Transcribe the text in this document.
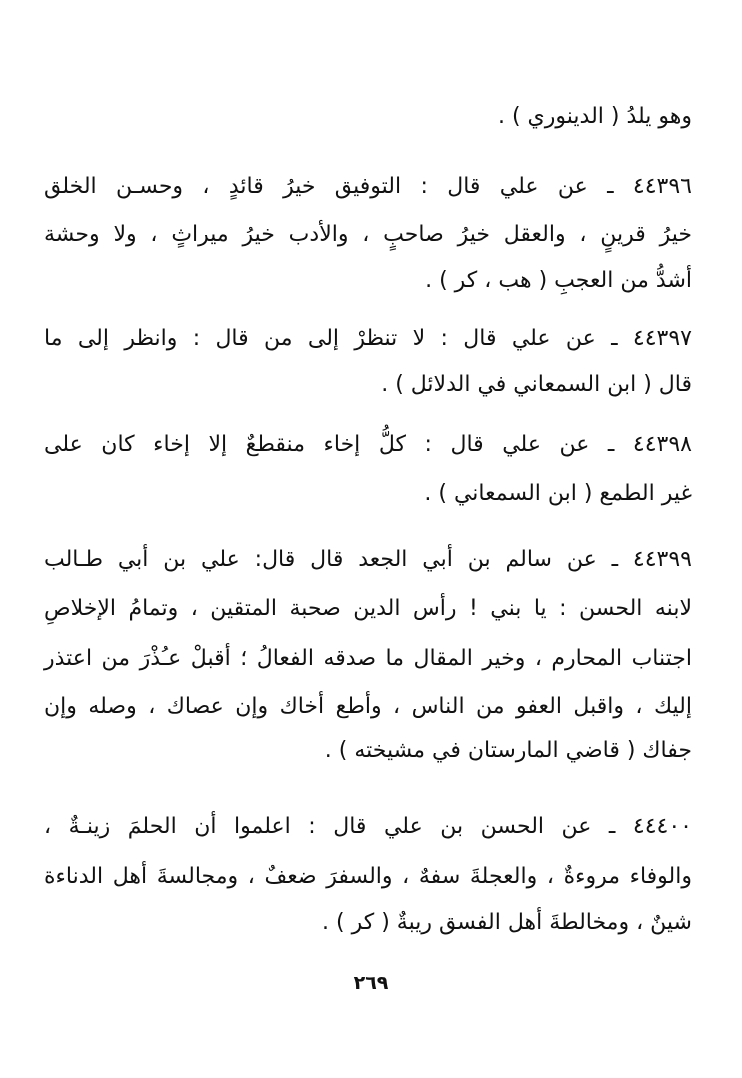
وهو يلدُ ( الدينوري ) .
٤٤٣٩٦ ـ عن علي قال : التوفيق خيرُ قائدٍ ، وحسـن الخلق
خيرُ قرينٍ ، والعقل خيرُ صاحبٍ ، والأدب خيرُ ميراثٍ ، ولا وحشة
أشدُّ من العجبِ ( هب ، كر ) .
٤٤٣٩٧ ـ عن علي قال : لا تنظرْ إلى من قال : وانظر إلى ما
قال ( ابن السمعاني في الدلائل ) .
٤٤٣٩٨ ـ عن علي قال : كلُّ إخاء منقطعٌ إلا إخاء كان على
غير الطمع ( ابن السمعاني ) .
٤٤٣٩٩ ـ عن سالم بن أبي الجعد قال قال: علي بن أبي طـالب
لابنه الحسن : يا بني ! رأس الدين صحبة المتقين ، وتمامُ الإخلاصِ
اجتناب المحارم ، وخير المقال ما صدقه الفعالُ ؛ أقبلْ عـُذْرَ من اعتذر
إليك ، واقبل العفو من الناس ، وأطع أخاك وإن عصاك ، وصله وإن
جفاك ( قاضي المارستان في مشيخته ) .
٤٤٤٠٠ ـ عن الحسن بن علي قال : اعلموا أن الحلمَ زينـةٌ ،
والوفاء مروءةٌ ، والعجلةَ سفهٌ ، والسفرَ ضعفٌ ، ومجالسةَ أهل الدناءة
شينٌ ، ومخالطةَ أهل الفسق ريبةٌ ( كر ) .
٢٦٩
